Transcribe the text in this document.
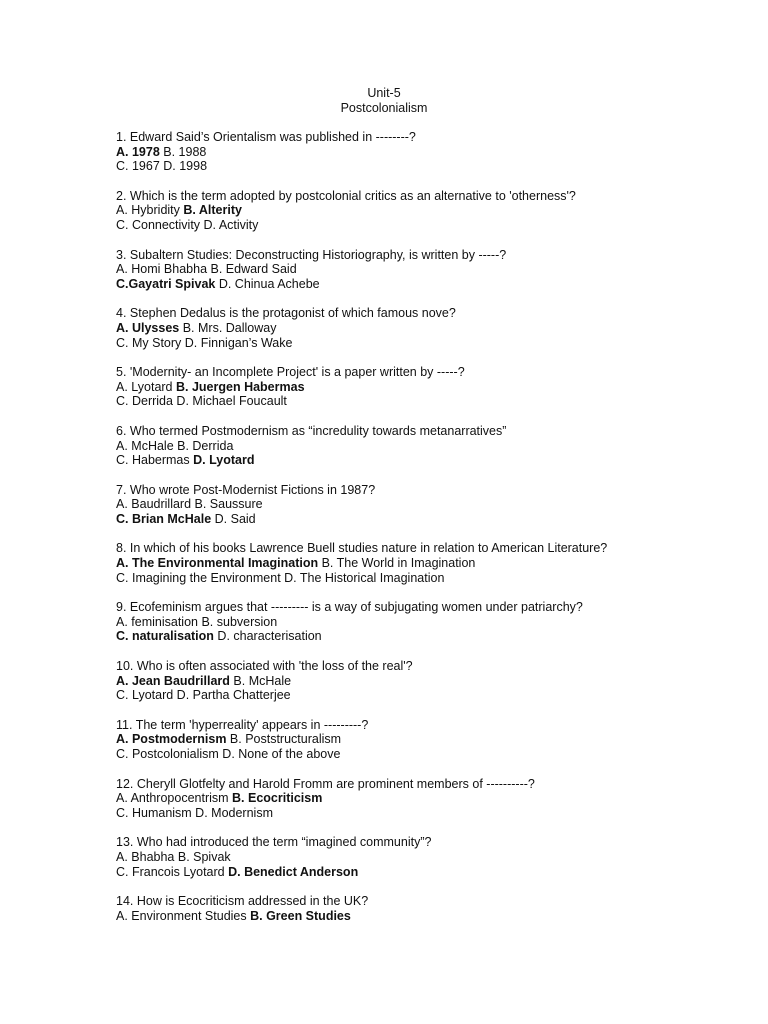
Unit-5
Postcolonialism
1. Edward Said’s Orientalism was published in --------?
A. 1978 B. 1988
C. 1967 D. 1998
2. Which is the term adopted by postcolonial critics as an alternative to 'otherness'?
A. Hybridity B. Alterity
C. Connectivity D. Activity
3. Subaltern Studies: Deconstructing Historiography, is written by -----?
A. Homi Bhabha B. Edward Said
C.Gayatri Spivak D. Chinua Achebe
4. Stephen Dedalus is the protagonist of which famous nove?
A. Ulysses B. Mrs. Dalloway
C. My Story D. Finnigan’s Wake
5. 'Modernity- an Incomplete Project' is a paper written by -----?
A. Lyotard B. Juergen Habermas
C. Derrida D. Michael Foucault
6. Who termed Postmodernism as “incredulity towards metanarratives”
A. McHale B. Derrida
C. Habermas D. Lyotard
7. Who wrote Post-Modernist Fictions in 1987?
A. Baudrillard B. Saussure
C. Brian McHale D. Said
8. In which of his books Lawrence Buell studies nature in relation to American Literature?
A. The Environmental Imagination B. The World in Imagination
C. Imagining the Environment D. The Historical Imagination
9. Ecofeminism argues that --------- is a way of subjugating women under patriarchy?
A. feminisation B. subversion
C. naturalisation D. characterisation
10. Who is often associated with 'the loss of the real'?
A. Jean Baudrillard B. McHale
C. Lyotard D. Partha Chatterjee
11. The term 'hyperreality' appears in ---------?
A. Postmodernism B. Poststructuralism
C. Postcolonialism D. None of the above
12. Cheryll Glotfelty and Harold Fromm are prominent members of ----------?
A. Anthropocentrism B. Ecocriticism
C. Humanism D. Modernism
13. Who had introduced the term “imagined community”?
A. Bhabha B. Spivak
C. Francois Lyotard D. Benedict Anderson
14. How is Ecocriticism addressed in the UK?
A. Environment Studies B. Green Studies
